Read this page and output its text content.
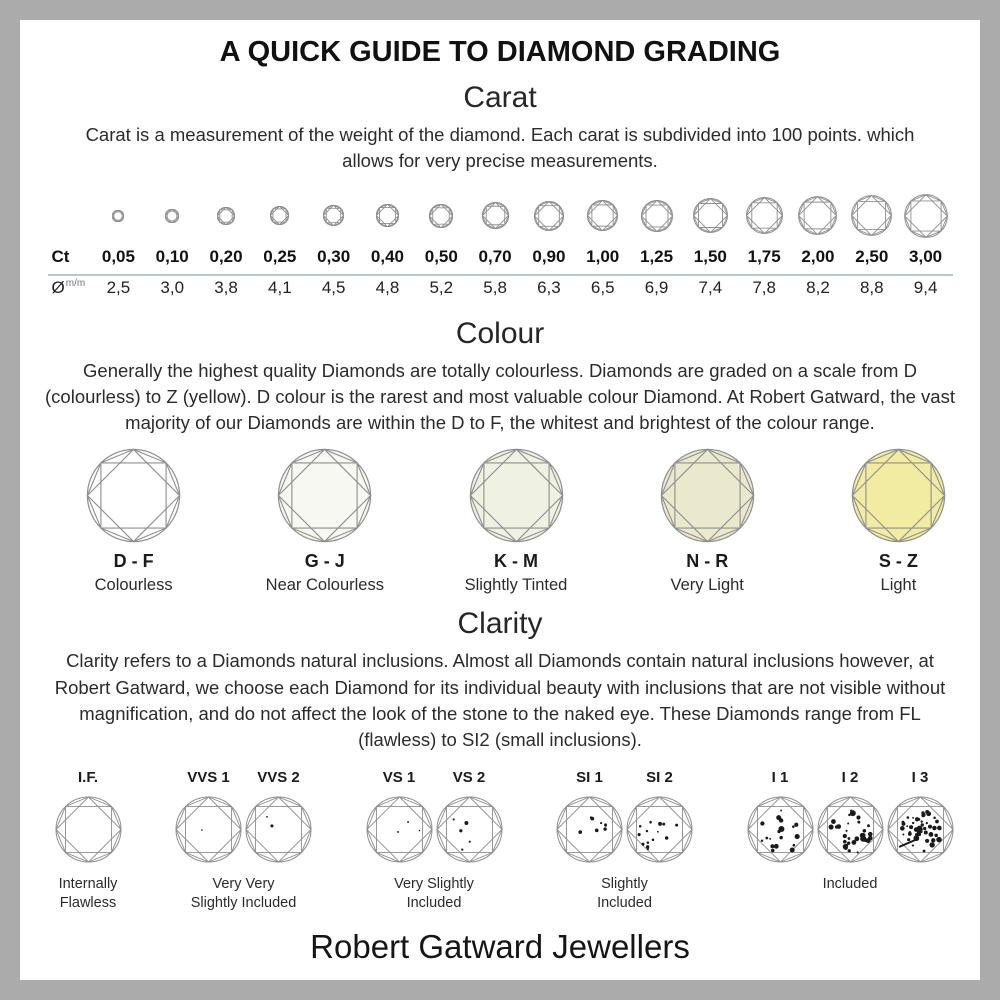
A QUICK GUIDE TO DIAMOND GRADING
Carat

Carat is a measurement of the weight of the diamond. Each carat is subdivided into 100 points. which allows for very precise measurements.

Ct	0,05	0,10	0,20	0,25	0,30	0,40	0,50	0,70	0,90	1,00	1,25	1,50	1,75	2,00	2,50	3,00
$Ø^{m/m}$	2,5	3,0	3,8	4,1	4,5	4,8	5,2	5,8	6,3	6,5	6,9	7,4	7,8	8,2	8,8	9,4
Colour

Generally the highest quality Diamonds are totally colourless. Diamonds are graded on a scale from D (colourless) to Z (yellow). D colour is the rarest and most valuable colour Diamond. At Robert Gatward, the vast majority of our Diamonds are within the D to F, the whitest and brightest of the colour range.

D - F
Colourless
G - J
Near Colourless
K - M
Slightly Tinted
N - R
Very Light
S - Z
Light
Clarity

Clarity refers to a Diamonds natural inclusions. Almost all Diamonds contain natural inclusions however, at Robert Gatward, we choose each Diamond for its individual beauty with inclusions that are not visible without magnification, and do not affect the look of the stone to the naked eye. These Diamonds range from FL (flawless) to SI2 (small inclusions).

I.F.
Internally
Flawless
VVS 1 VVS 2
Very Very
Slightly Included
VS 1 VS 2
Very Slightly
Included
SI 1	SI 2
Slightly
Included
I 1	I 2	I 3
Included
Robert Gatward Jewellers
